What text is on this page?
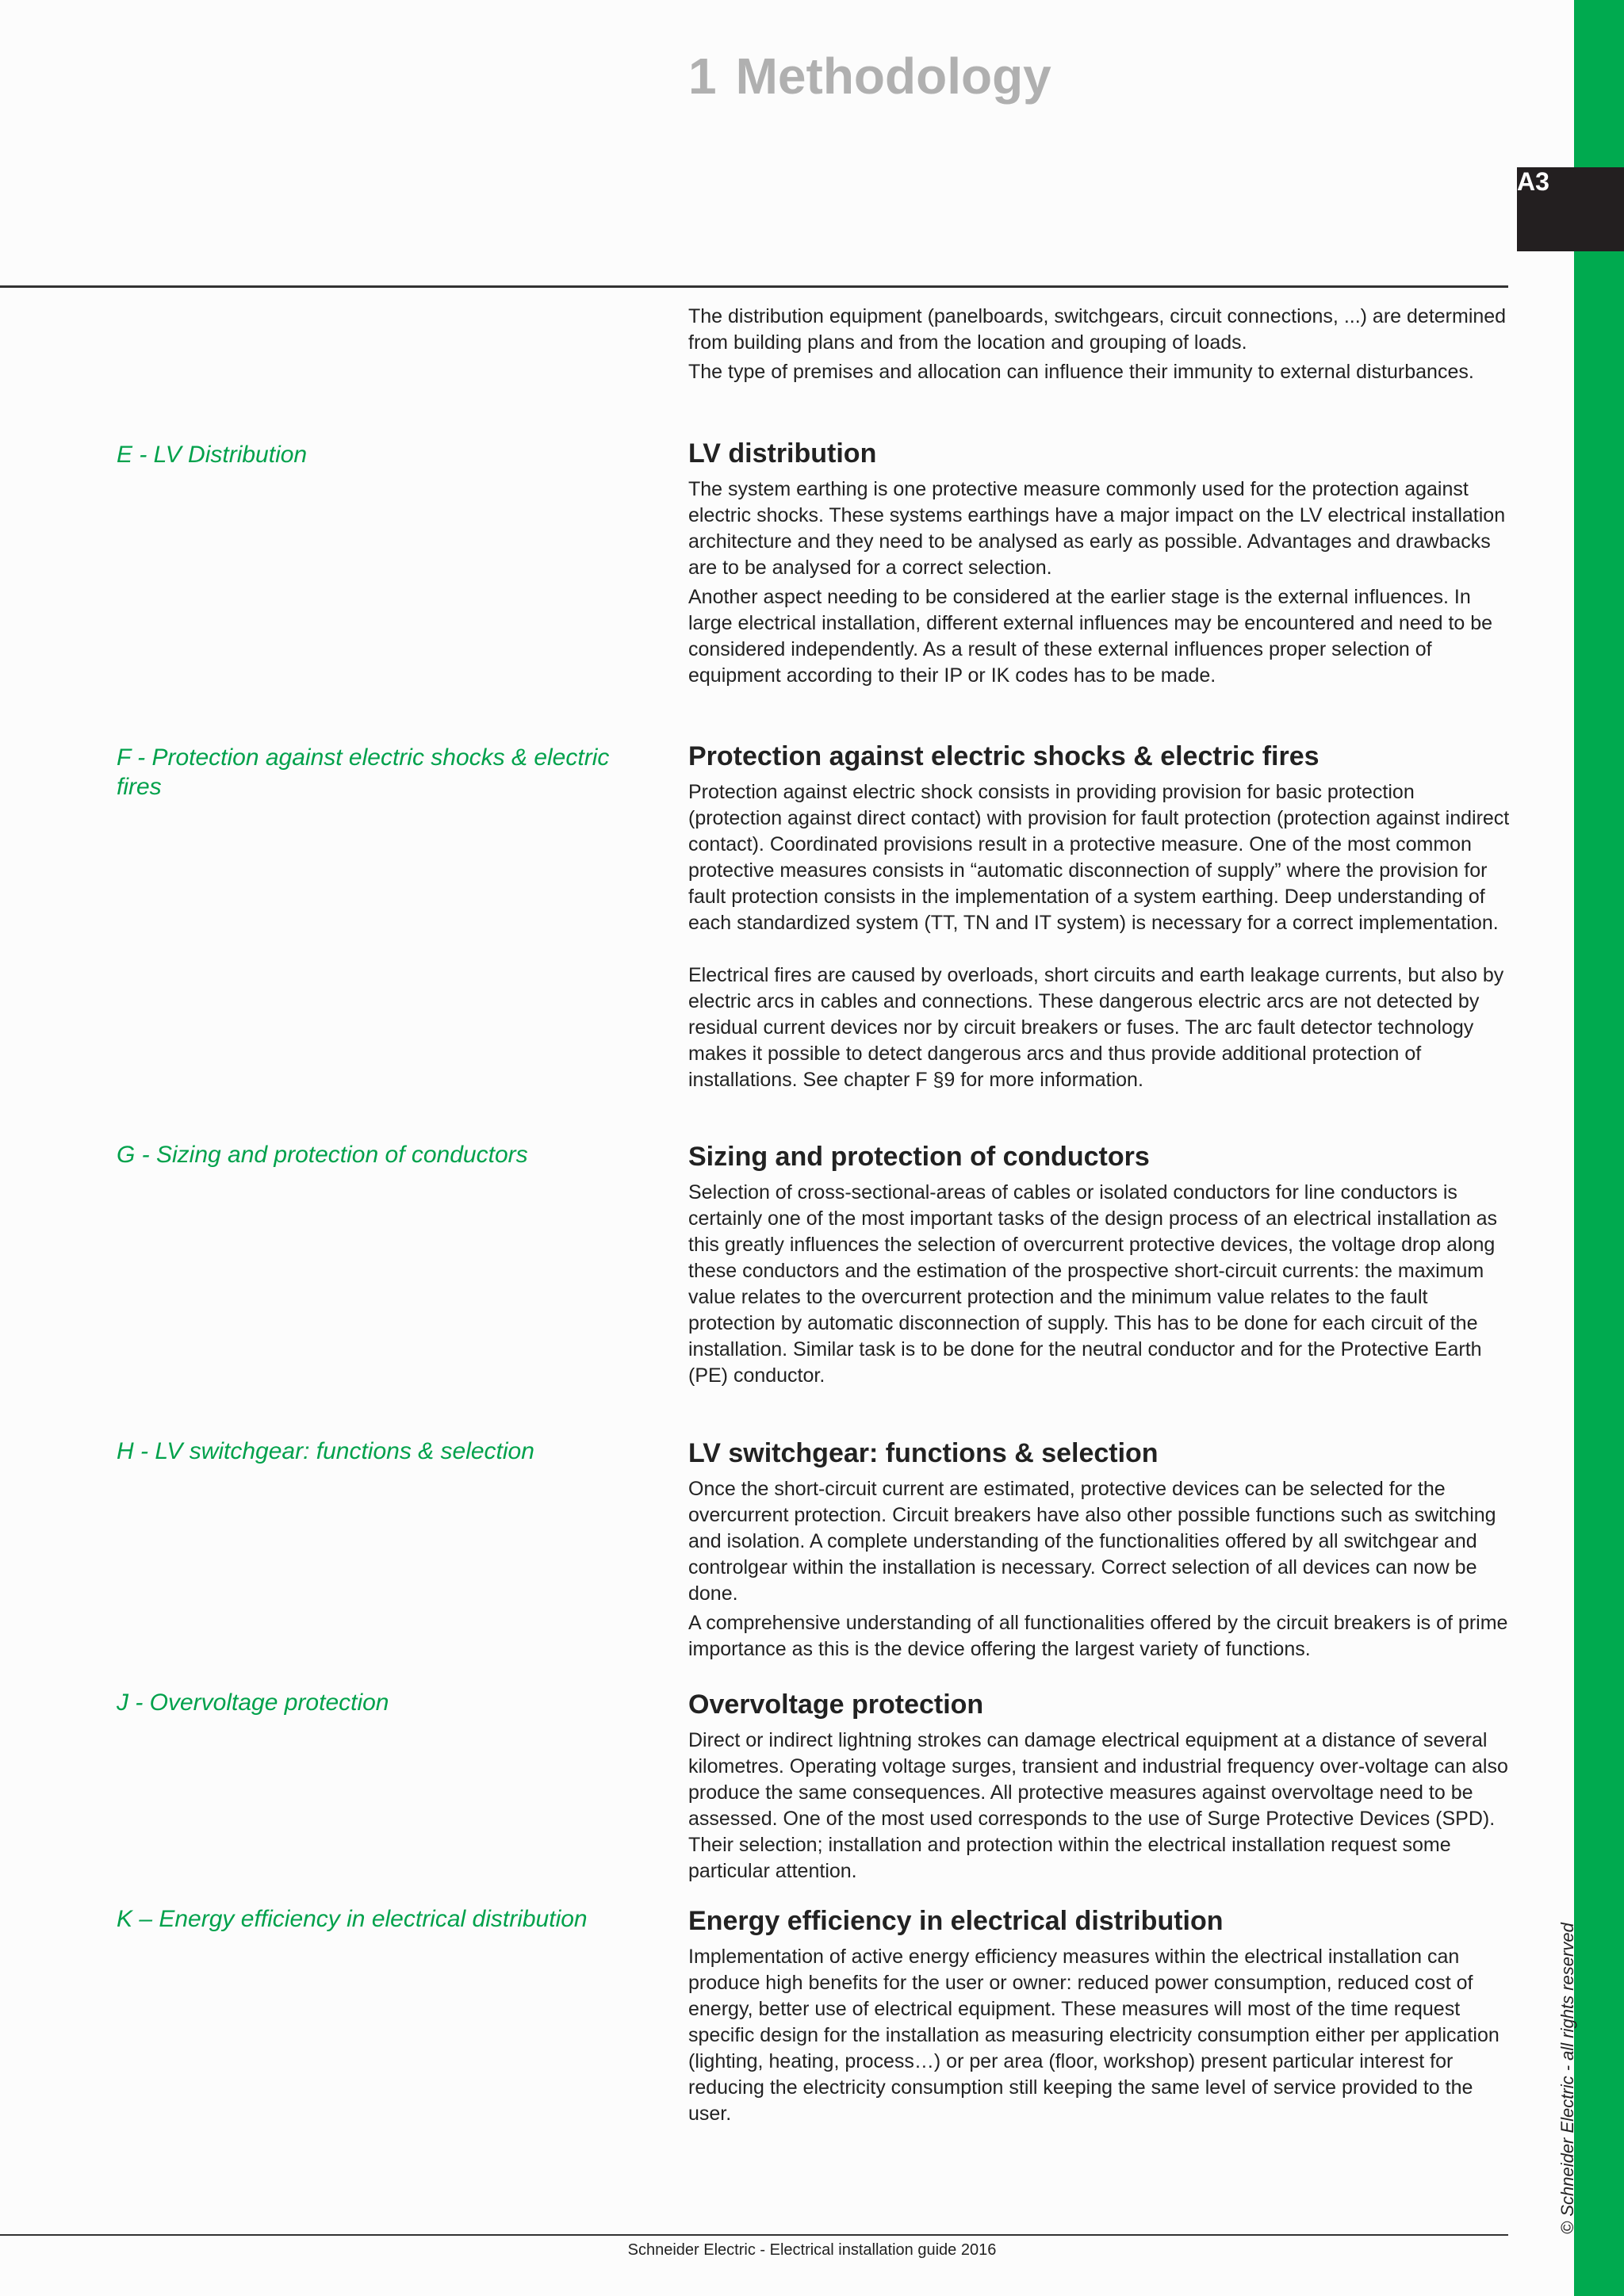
A3
1 Methodology

The distribution equipment (panelboards, switchgears, circuit connections, ...) are determined from building plans and from the location and grouping of loads.

The type of premises and allocation can influence their immunity to external disturbances.

E - LV Distribution	LV distribution

The system earthing is one protective measure commonly used for the protection against electric shocks. These systems earthings have a major impact on the LV electrical installation architecture and they need to be analysed as early as possible. Advantages and drawbacks are to be analysed for a correct selection.

Another aspect needing to be considered at the earlier stage is the external influences. In large electrical installation, different external influences may be encountered and need to be considered independently. As a result of these external influences proper selection of equipment according to their IP or IK codes has to be made.

F - Protection against electric shocks & electric fires
Protection against electric shocks & electric fires

Protection against electric shock consists in providing provision for basic protection (protection against direct contact) with provision for fault protection (protection against indirect contact). Coordinated provisions result in a protective measure. One of the most common protective measures consists in “automatic disconnection of supply” where the provision for fault protection consists in the implementation of a system earthing. Deep understanding of each standardized system (TT, TN and IT system) is necessary for a correct implementation.

Electrical fires are caused by overloads, short circuits and earth leakage currents, but also by electric arcs in cables and connections. These dangerous electric arcs are not detected by residual current devices nor by circuit breakers or fuses. The arc fault detector technology makes it possible to detect dangerous arcs and thus provide additional protection of installations. See chapter F §9 for more information.

G - Sizing and protection of conductors	Sizing and protection of conductors

Selection of cross-sectional-areas of cables or isolated conductors for line conductors is certainly one of the most important tasks of the design process of an electrical installation as this greatly influences the selection of overcurrent protective devices, the voltage drop along these conductors and the estimation of the prospective short-circuit currents: the maximum value relates to the overcurrent protection and the minimum value relates to the fault protection by automatic disconnection of supply. This has to be done for each circuit of the installation. Similar task is to be done for the neutral conductor and for the Protective Earth (PE) conductor.

H - LV switchgear: functions & selection	LV switchgear: functions & selection

Once the short-circuit current are estimated, protective devices can be selected for the overcurrent protection. Circuit breakers have also other possible functions such as switching and isolation. A complete understanding of the functionalities offered by all switchgear and controlgear within the installation is necessary. Correct selection of all devices can now be done.

A comprehensive understanding of all functionalities offered by the circuit breakers is of prime importance as this is the device offering the largest variety of functions.

J - Overvoltage protection	Overvoltage protection

Direct or indirect lightning strokes can damage electrical equipment at a distance of several kilometres. Operating voltage surges, transient and industrial frequency over-voltage can also produce the same consequences. All protective measures against overvoltage need to be assessed. One of the most used corresponds to the use of Surge Protective Devices (SPD). Their selection; installation and protection within the electrical installation request some particular attention.

K – Energy efficiency in electrical distribution	Energy efficiency in electrical distribution

Implementation of active energy efficiency measures within the electrical installation can produce high benefits for the user or owner: reduced power consumption, reduced cost of energy, better use of electrical equipment. These measures will most of the time request specific design for the installation as measuring electricity consumption either per application (lighting, heating, process…) or per area (floor, workshop) present particular interest for reducing the electricity consumption still keeping the same level of service provided to the user.	© Schneider Electric - all rights reserved
Schneider Electric - Electrical installation guide 2016
